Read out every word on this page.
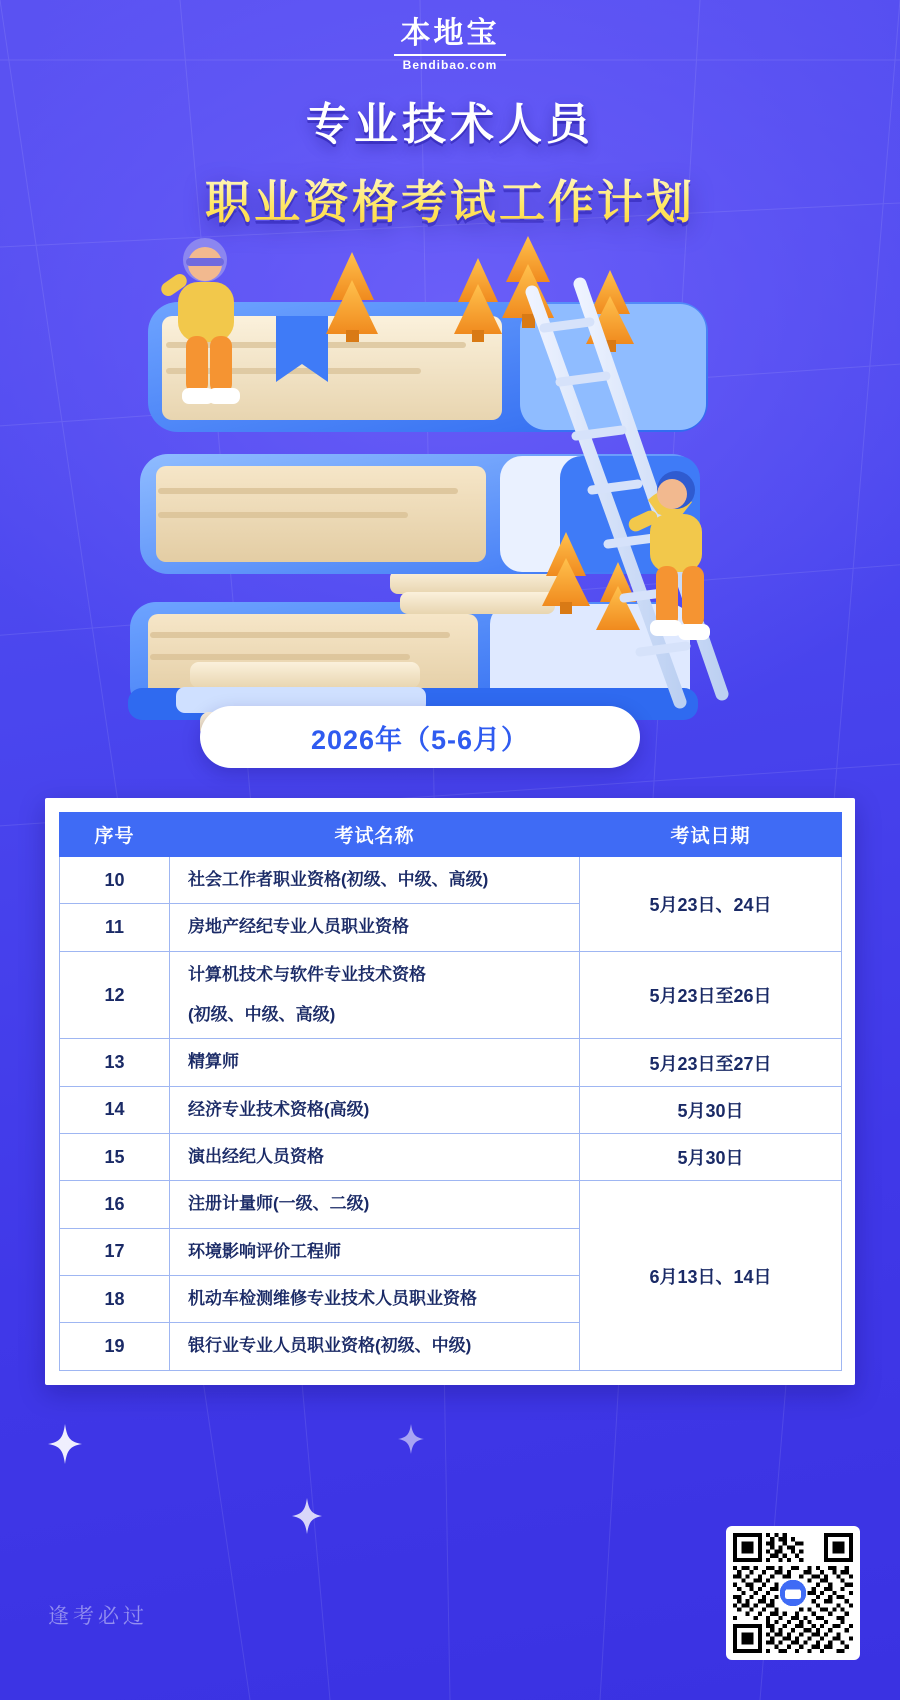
本地宝
Bendibao.com
专业技术人员
职业资格考试工作计划
2026年（5-6月）
序号	考试名称	考试日期
10	社会工作者职业资格(初级、中级、高级)	5月23日、24日
11	房地产经纪专业人员职业资格	
12	计算机技术与软件专业技术资格
(初级、中级、高级)	5月23日至26日
13	精算师	5月23日至27日
14	经济专业技术资格(高级)	5月30日
15	演出经纪人员资格	5月30日
16	注册计量师(一级、二级)	6月13日、14日
17	环境影响评价工程师	
18	机动车检测维修专业技术人员职业资格	
19	银行业专业人员职业资格(初级、中级)	
逢考必过
